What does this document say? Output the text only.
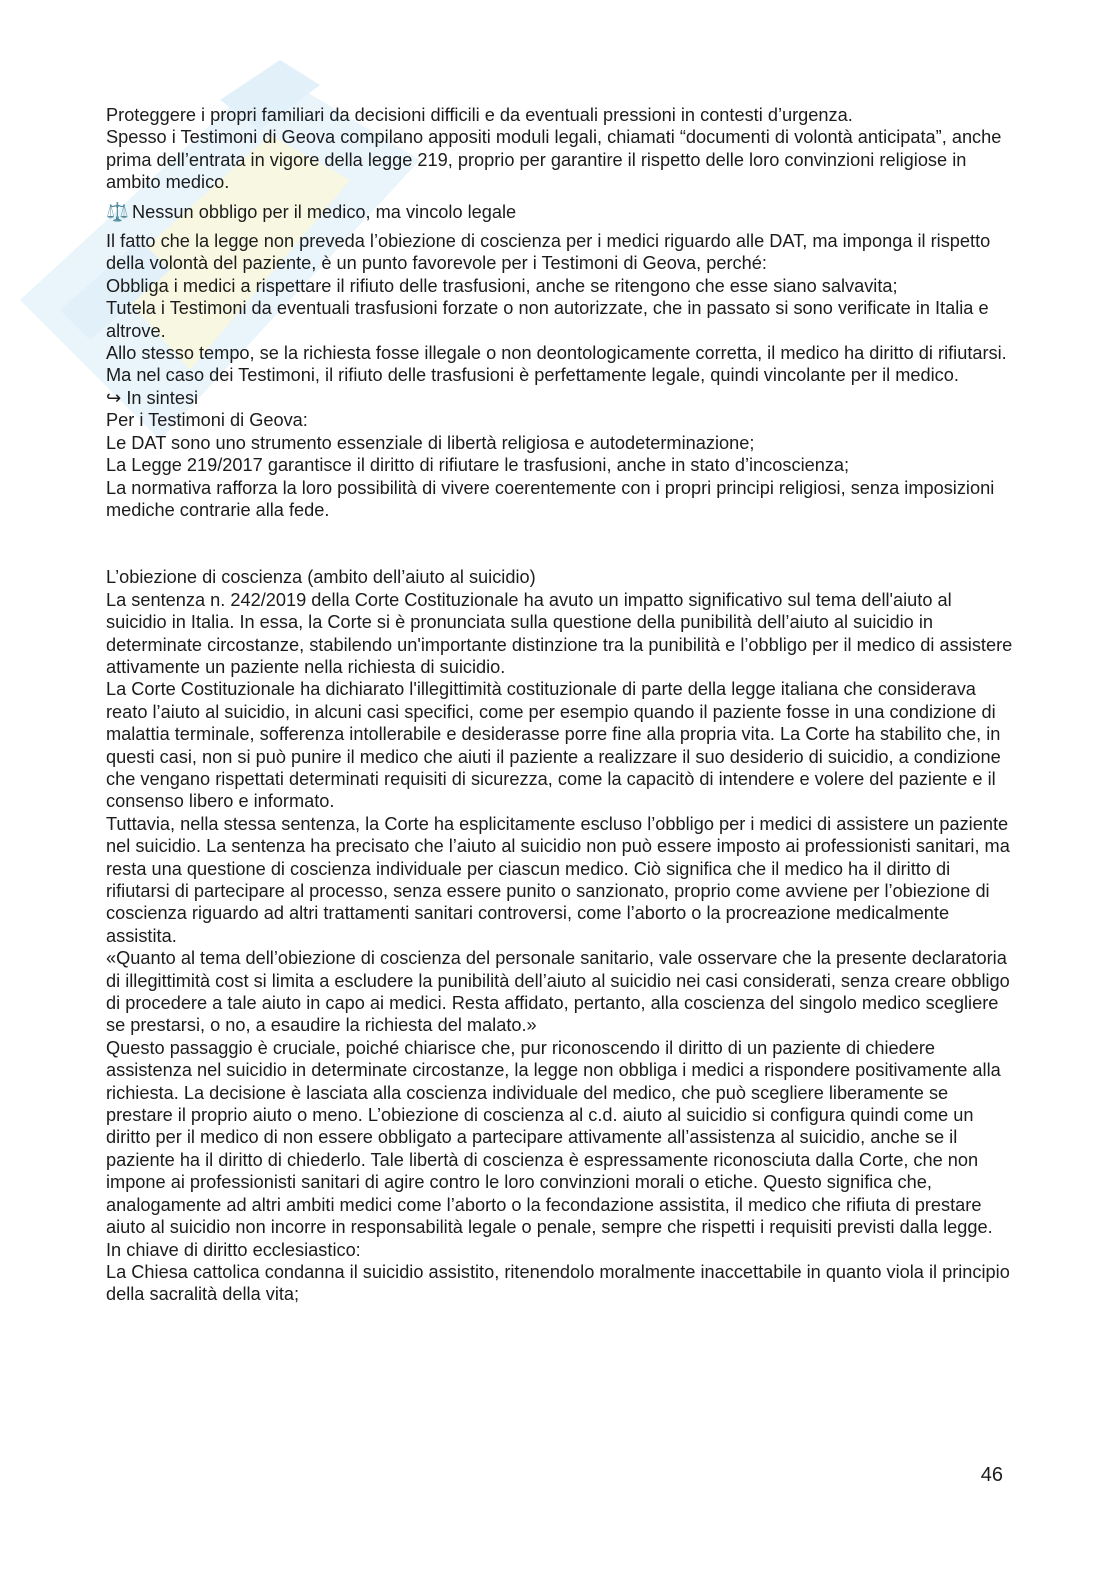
Proteggere i propri familiari da decisioni difficili e da eventuali pressioni in contesti d’urgenza.

Spesso i Testimoni di Geova compilano appositi moduli legali, chiamati “documenti di volontà anticipata”, anche prima dell’entrata in vigore della legge 219, proprio per garantire il rispetto delle loro convinzioni religiose in ambito medico.

⚖️ Nessun obbligo per il medico, ma vincolo legale

Il fatto che la legge non preveda l’obiezione di coscienza per i medici riguardo alle DAT, ma imponga il rispetto della volontà del paziente, è un punto favorevole per i Testimoni di Geova, perché:

Obbliga i medici a rispettare il rifiuto delle trasfusioni, anche se ritengono che esse siano salvavita;

Tutela i Testimoni da eventuali trasfusioni forzate o non autorizzate, che in passato si sono verificate in Italia e altrove.

Allo stesso tempo, se la richiesta fosse illegale o non deontologicamente corretta, il medico ha diritto di rifiutarsi. Ma nel caso dei Testimoni, il rifiuto delle trasfusioni è perfettamente legale, quindi vincolante per il medico.

↪ In sintesi

Per i Testimoni di Geova:

Le DAT sono uno strumento essenziale di libertà religiosa e autodeterminazione;

La Legge 219/2017 garantisce il diritto di rifiutare le trasfusioni, anche in stato d’incoscienza;

La normativa rafforza la loro possibilità di vivere coerentemente con i propri principi religiosi, senza imposizioni mediche contrarie alla fede.

L’obiezione di coscienza (ambito dell’aiuto al suicidio)

La sentenza n. 242/2019 della Corte Costituzionale ha avuto un impatto significativo sul tema dell'aiuto al suicidio in Italia. In essa, la Corte si è pronunciata sulla questione della punibilità dell’aiuto al suicidio in determinate circostanze, stabilendo un'importante distinzione tra la punibilità e l’obbligo per il medico di assistere attivamente un paziente nella richiesta di suicidio.

La Corte Costituzionale ha dichiarato l'illegittimità costituzionale di parte della legge italiana che considerava reato l’aiuto al suicidio, in alcuni casi specifici, come per esempio quando il paziente fosse in una condizione di malattia terminale, sofferenza intollerabile e desiderasse porre fine alla propria vita. La Corte ha stabilito che, in questi casi, non si può punire il medico che aiuti il paziente a realizzare il suo desiderio di suicidio, a condizione che vengano rispettati determinati requisiti di sicurezza, come la capacitò di intendere e volere del paziente e il consenso libero e informato.

Tuttavia, nella stessa sentenza, la Corte ha esplicitamente escluso l’obbligo per i medici di assistere un paziente nel suicidio. La sentenza ha precisato che l’aiuto al suicidio non può essere imposto ai professionisti sanitari, ma resta una questione di coscienza individuale per ciascun medico. Ciò significa che il medico ha il diritto di rifiutarsi di partecipare al processo, senza essere punito o sanzionato, proprio come avviene per l’obiezione di coscienza riguardo ad altri trattamenti sanitari controversi, come l’aborto o la procreazione medicalmente assistita.

«Quanto al tema dell’obiezione di coscienza del personale sanitario, vale osservare che la presente declaratoria di illegittimità cost si limita a escludere la punibilità dell’aiuto al suicidio nei casi considerati, senza creare obbligo di procedere a tale aiuto in capo ai medici. Resta affidato, pertanto, alla coscienza del singolo medico scegliere se prestarsi, o no, a esaudire la richiesta del malato.»

Questo passaggio è cruciale, poiché chiarisce che, pur riconoscendo il diritto di un paziente di chiedere assistenza nel suicidio in determinate circostanze, la legge non obbliga i medici a rispondere positivamente alla richiesta. La decisione è lasciata alla coscienza individuale del medico, che può scegliere liberamente se prestare il proprio aiuto o meno. L’obiezione di coscienza al c.d. aiuto al suicidio si configura quindi come un diritto per il medico di non essere obbligato a partecipare attivamente all’assistenza al suicidio, anche se il paziente ha il diritto di chiederlo. Tale libertà di coscienza è espressamente riconosciuta dalla Corte, che non impone ai professionisti sanitari di agire contro le loro convinzioni morali o etiche. Questo significa che, analogamente ad altri ambiti medici come l’aborto o la fecondazione assistita, il medico che rifiuta di prestare aiuto al suicidio non incorre in responsabilità legale o penale, sempre che rispetti i requisiti previsti dalla legge.

In chiave di diritto ecclesiastico:

La Chiesa cattolica condanna il suicidio assistito, ritenendolo moralmente inaccettabile in quanto viola il principio della sacralità della vita;

46
